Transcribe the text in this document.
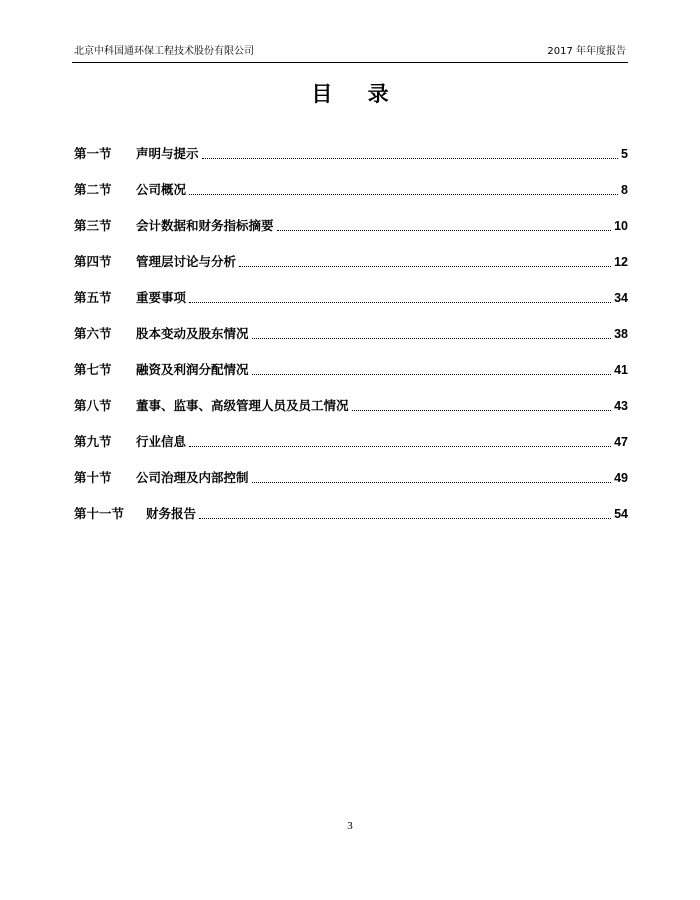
北京中科国通环保工程技术股份有限公司	2017 年年度报告
目 录
第一节	声明与提示	5
第二节	公司概况	8
第三节	会计数据和财务指标摘要	10
第四节	管理层讨论与分析	12
第五节	重要事项	34
第六节	股本变动及股东情况	38
第七节	融资及利润分配情况	41
第八节	董事、监事、高级管理人员及员工情况	43
第九节	行业信息	47
第十节	公司治理及内部控制	49
第十一节	财务报告	54
3
